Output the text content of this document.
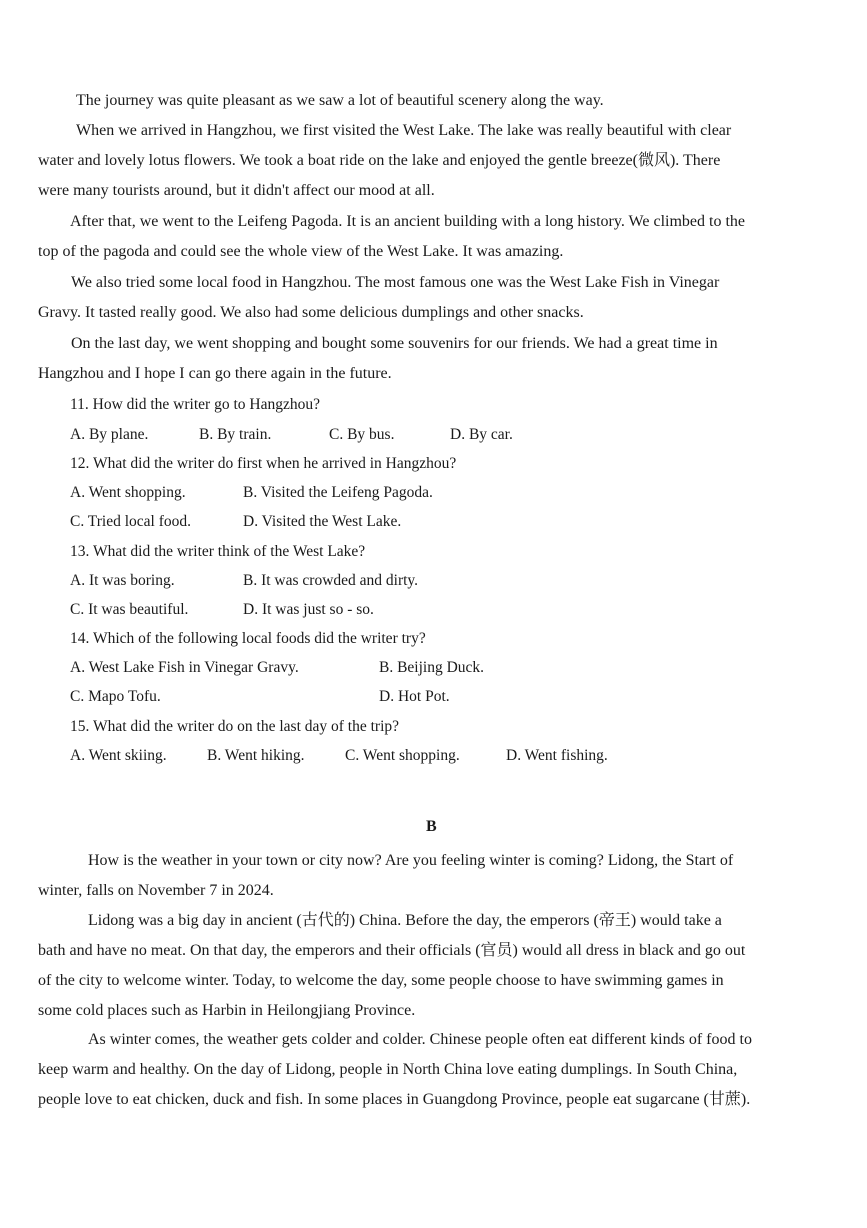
The journey was quite pleasant as we saw a lot of beautiful scenery along the way.
When we arrived in Hangzhou, we first visited the West Lake. The lake was really beautiful with clear
water and lovely lotus flowers. We took a boat ride on the lake and enjoyed the gentle breeze(微风). There
were many tourists around, but it didn't affect our mood at all.
After that, we went to the Leifeng Pagoda. It is an ancient building with a long history. We climbed to the
top of the pagoda and could see the whole view of the West Lake. It was amazing.
We also tried some local food in Hangzhou. The most famous one was the West Lake Fish in Vinegar
Gravy. It tasted really good. We also had some delicious dumplings and other snacks.
On the last day, we went shopping and bought some souvenirs for our friends. We had a great time in
Hangzhou and I hope I can go there again in the future.
11. How did the writer go to Hangzhou?
A. By plane.	B. By train.	C. By bus.	D. By car.
12. What did the writer do first when he arrived in Hangzhou?
A. Went shopping.	B. Visited the Leifeng Pagoda.
C. Tried local food.	D. Visited the West Lake.
13. What did the writer think of the West Lake?
A. It was boring.	B. It was crowded and dirty.
C. It was beautiful.	D. It was just so - so.
14. Which of the following local foods did the writer try?
A. West Lake Fish in Vinegar Gravy.	B. Beijing Duck.
C. Mapo Tofu.	D. Hot Pot.
15. What did the writer do on the last day of the trip?
A. Went skiing.	B. Went hiking.	C. Went shopping.	D. Went fishing.
B
How is the weather in your town or city now? Are you feeling winter is coming? Lidong, the Start of
winter, falls on November 7 in 2024.
Lidong was a big day in ancient (古代的) China. Before the day, the emperors (帝王) would take a
bath and have no meat. On that day, the emperors and their officials (官员) would all dress in black and go out
of the city to welcome winter. Today, to welcome the day, some people choose to have swimming games in
some cold places such as Harbin in Heilongjiang Province.
As winter comes, the weather gets colder and colder. Chinese people often eat different kinds of food to
keep warm and healthy. On the day of Lidong, people in North China love eating dumplings. In South China,
people love to eat chicken, duck and fish. In some places in Guangdong Province, people eat sugarcane (甘蔗).
